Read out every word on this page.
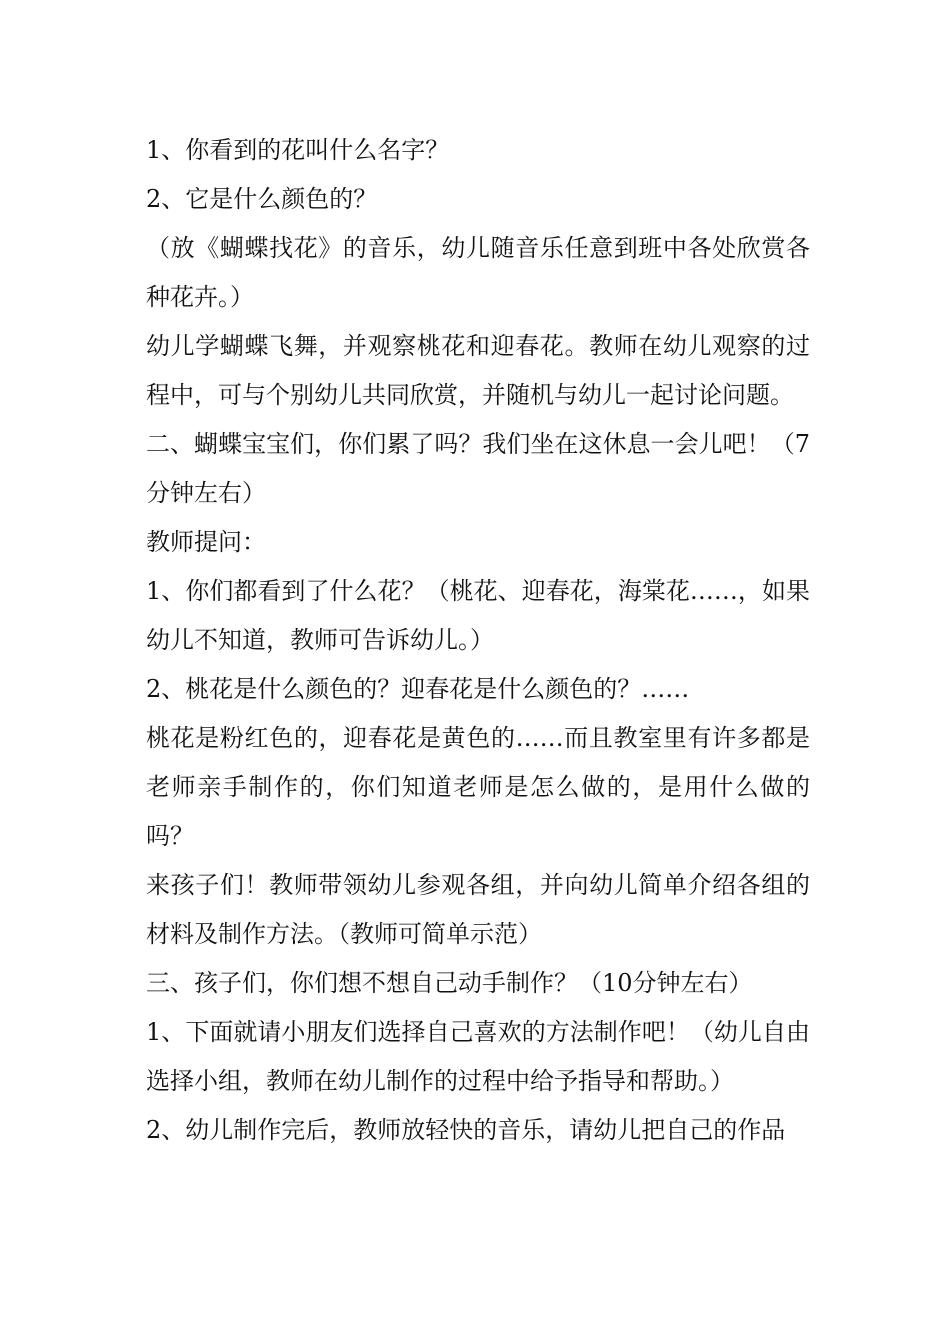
1、你看到的花叫什么名字？

2、它是什么颜色的？

（放《蝴蝶找花》的音乐，幼儿随音乐任意到班中各处欣赏各种花卉。）

幼儿学蝴蝶飞舞，并观察桃花和迎春花。教师在幼儿观察的过程中，可与个别幼儿共同欣赏，并随机与幼儿一起讨论问题。

二、蝴蝶宝宝们，你们累了吗？我们坐在这休息一会儿吧！（7分钟左右）

教师提问：

1、你们都看到了什么花？（桃花、迎春花，海棠花……，如果幼儿不知道，教师可告诉幼儿。）

2、桃花是什么颜色的？迎春花是什么颜色的？……

桃花是粉红色的，迎春花是黄色的……而且教室里有许多都是老师亲手制作的，你们知道老师是怎么做的，是用什么做的吗？

来孩子们！教师带领幼儿参观各组，并向幼儿简单介绍各组的材料及制作方法。（教师可简单示范）

三、孩子们，你们想不想自己动手制作？（10分钟左右）

1、下面就请小朋友们选择自己喜欢的方法制作吧！（幼儿自由选择小组，教师在幼儿制作的过程中给予指导和帮助。）

2、幼儿制作完后，教师放轻快的音乐，请幼儿把自己的作品
